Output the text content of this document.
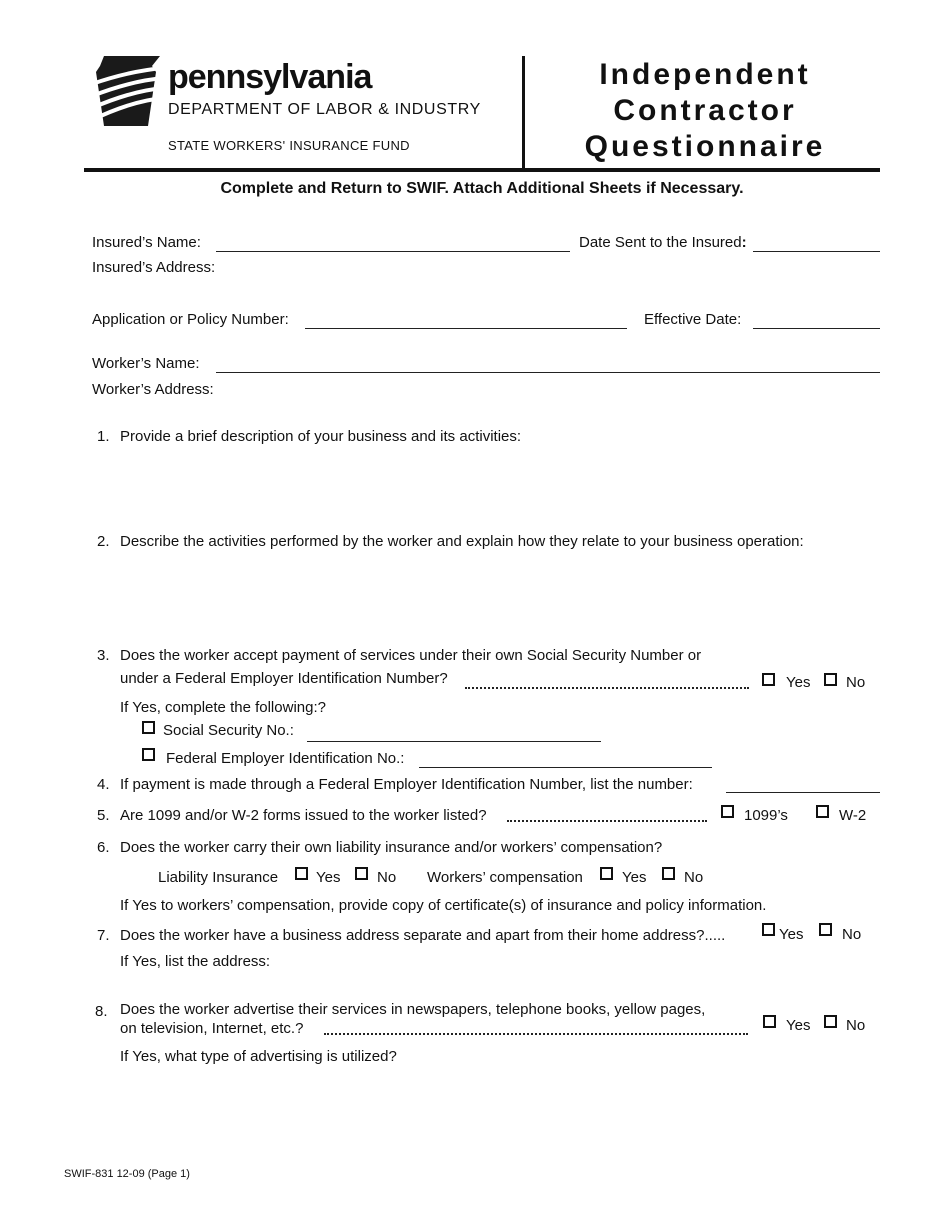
pennsylvania
DEPARTMENT OF LABOR & INDUSTRY
STATE WORKERS' INSURANCE FUND
Independent
Contractor
Questionnaire
Complete and Return to SWIF. Attach Additional Sheets if Necessary.
Insured’s Name:	Date Sent to the Insured:
Insured’s Address:
Application or Policy Number:	Effective Date:
Worker’s Name:
Worker’s Address:
1. Provide a brief description of your business and its activities:
2. Describe the activities performed by the worker and explain how they relate to your business operation:
3. Does the worker accept payment of services under their own Social Security Number or
under a Federal Employer Identification Number?	Yes No
If Yes, complete the following:?
Social Security No.:
Federal Employer Identification No.:
4. If payment is made through a Federal Employer Identification Number, list the number:
5. Are 1099 and/or W-2 forms issued to the worker listed?	1099’s	W-2
6. Does the worker carry their own liability insurance and/or workers’ compensation?
Liability Insurance	Yes No Workers’ compensation	Yes	No
If Yes to workers’ compensation, provide copy of certificate(s) of insurance and policy information.
7. Does the worker have a business address separate and apart from their home address?.....	Yes	No
If Yes, list the address:
8. Does the worker advertise their services in newspapers, telephone books, yellow pages,
on television, Internet, etc.?	Yes No
If Yes, what type of advertising is utilized?
SWIF-831 12-09 (Page 1)
